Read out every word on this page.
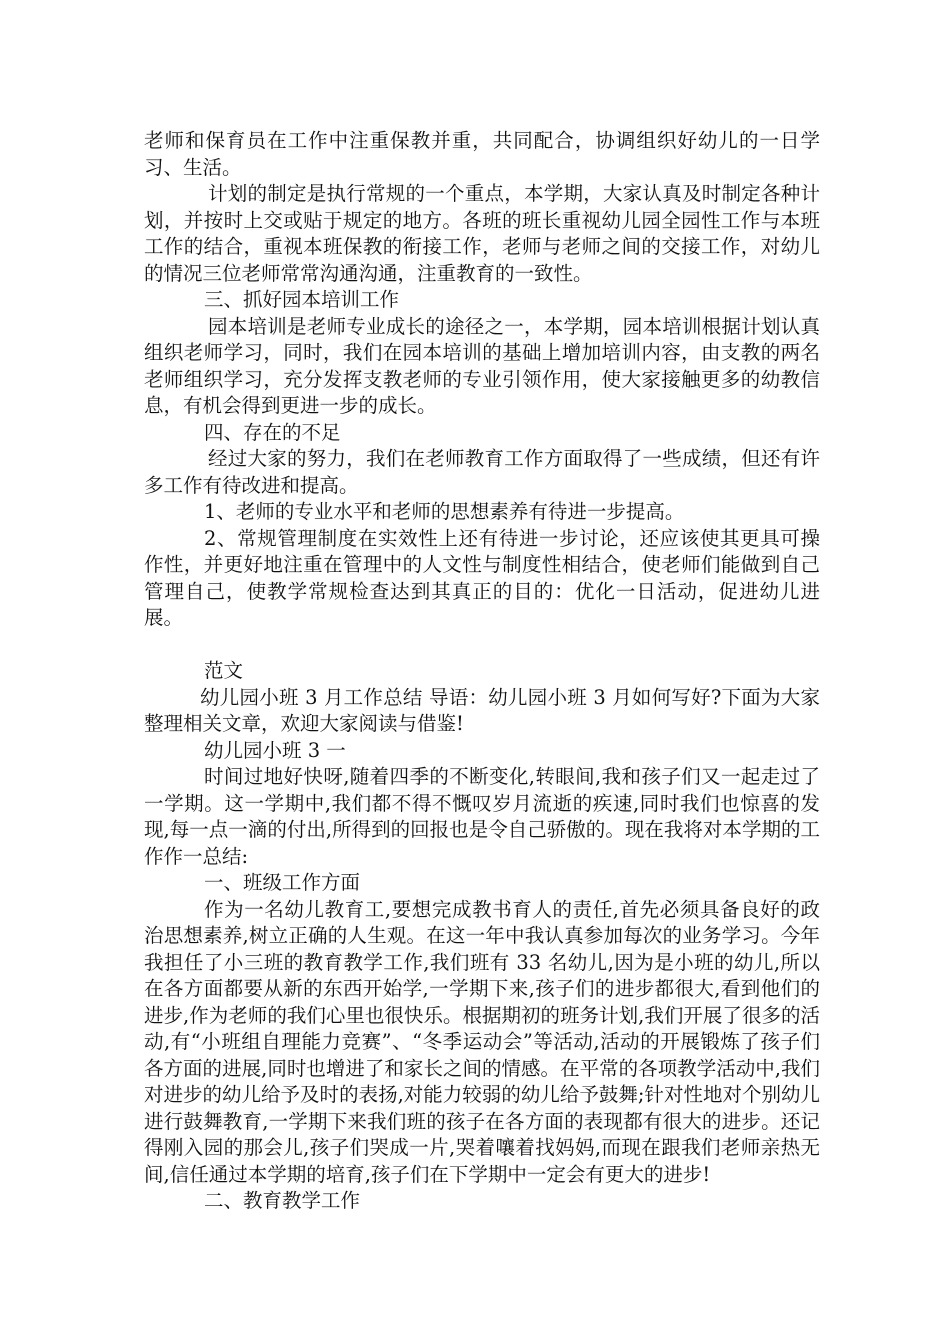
老师和保育员在工作中注重保教并重，共同配合，协调组织好幼儿的一日学习、生活。

计划的制定是执行常规的一个重点，本学期，大家认真及时制定各种计划，并按时上交或贴于规定的地方。各班的班长重视幼儿园全园性工作与本班工作的结合，重视本班保教的衔接工作，老师与老师之间的交接工作，对幼儿的情况三位老师常常沟通沟通，注重教育的一致性。

三、抓好园本培训工作

园本培训是老师专业成长的途径之一，本学期，园本培训根据计划认真组织老师学习，同时，我们在园本培训的基础上增加培训内容，由支教的两名老师组织学习，充分发挥支教老师的专业引领作用，使大家接触更多的幼教信息，有机会得到更进一步的成长。

四、存在的不足

经过大家的努力，我们在老师教育工作方面取得了一些成绩，但还有许多工作有待改进和提高。

1、老师的专业水平和老师的思想素养有待进一步提高。

2、常规管理制度在实效性上还有待进一步讨论，还应该使其更具可操作性，并更好地注重在管理中的人文性与制度性相结合，使老师们能做到自己管理自己，使教学常规检查达到其真正的目的：优化一日活动，促进幼儿进展。

范文

幼儿园小班 3 月工作总结 导语：幼儿园小班 3 月如何写好?下面为大家整理相关文章，欢迎大家阅读与借鉴!

幼儿园小班 3 一

时间过地好快呀,随着四季的不断变化,转眼间,我和孩子们又一起走过了一学期。这一学期中,我们都不得不慨叹岁月流逝的疾速,同时我们也惊喜的发现,每一点一滴的付出,所得到的回报也是令自己骄傲的。现在我将对本学期的工作作一总结:

一、班级工作方面

作为一名幼儿教育工,要想完成教书育人的责任,首先必须具备良好的政治思想素养,树立正确的人生观。在这一年中我认真参加每次的业务学习。今年我担任了小三班的教育教学工作,我们班有 33 名幼儿,因为是小班的幼儿,所以在各方面都要从新的东西开始学,一学期下来,孩子们的进步都很大,看到他们的进步,作为老师的我们心里也很快乐。根据期初的班务计划,我们开展了很多的活动,有“小班组自理能力竞赛”、“冬季运动会”等活动,活动的开展锻炼了孩子们各方面的进展,同时也增进了和家长之间的情感。在平常的各项教学活动中,我们对进步的幼儿给予及时的表扬,对能力较弱的幼儿给予鼓舞;针对性地对个别幼儿进行鼓舞教育,一学期下来我们班的孩子在各方面的表现都有很大的进步。还记得刚入园的那会儿,孩子们哭成一片,哭着嚷着找妈妈,而现在跟我们老师亲热无间,信任通过本学期的培育,孩子们在下学期中一定会有更大的进步!

二、教育教学工作
